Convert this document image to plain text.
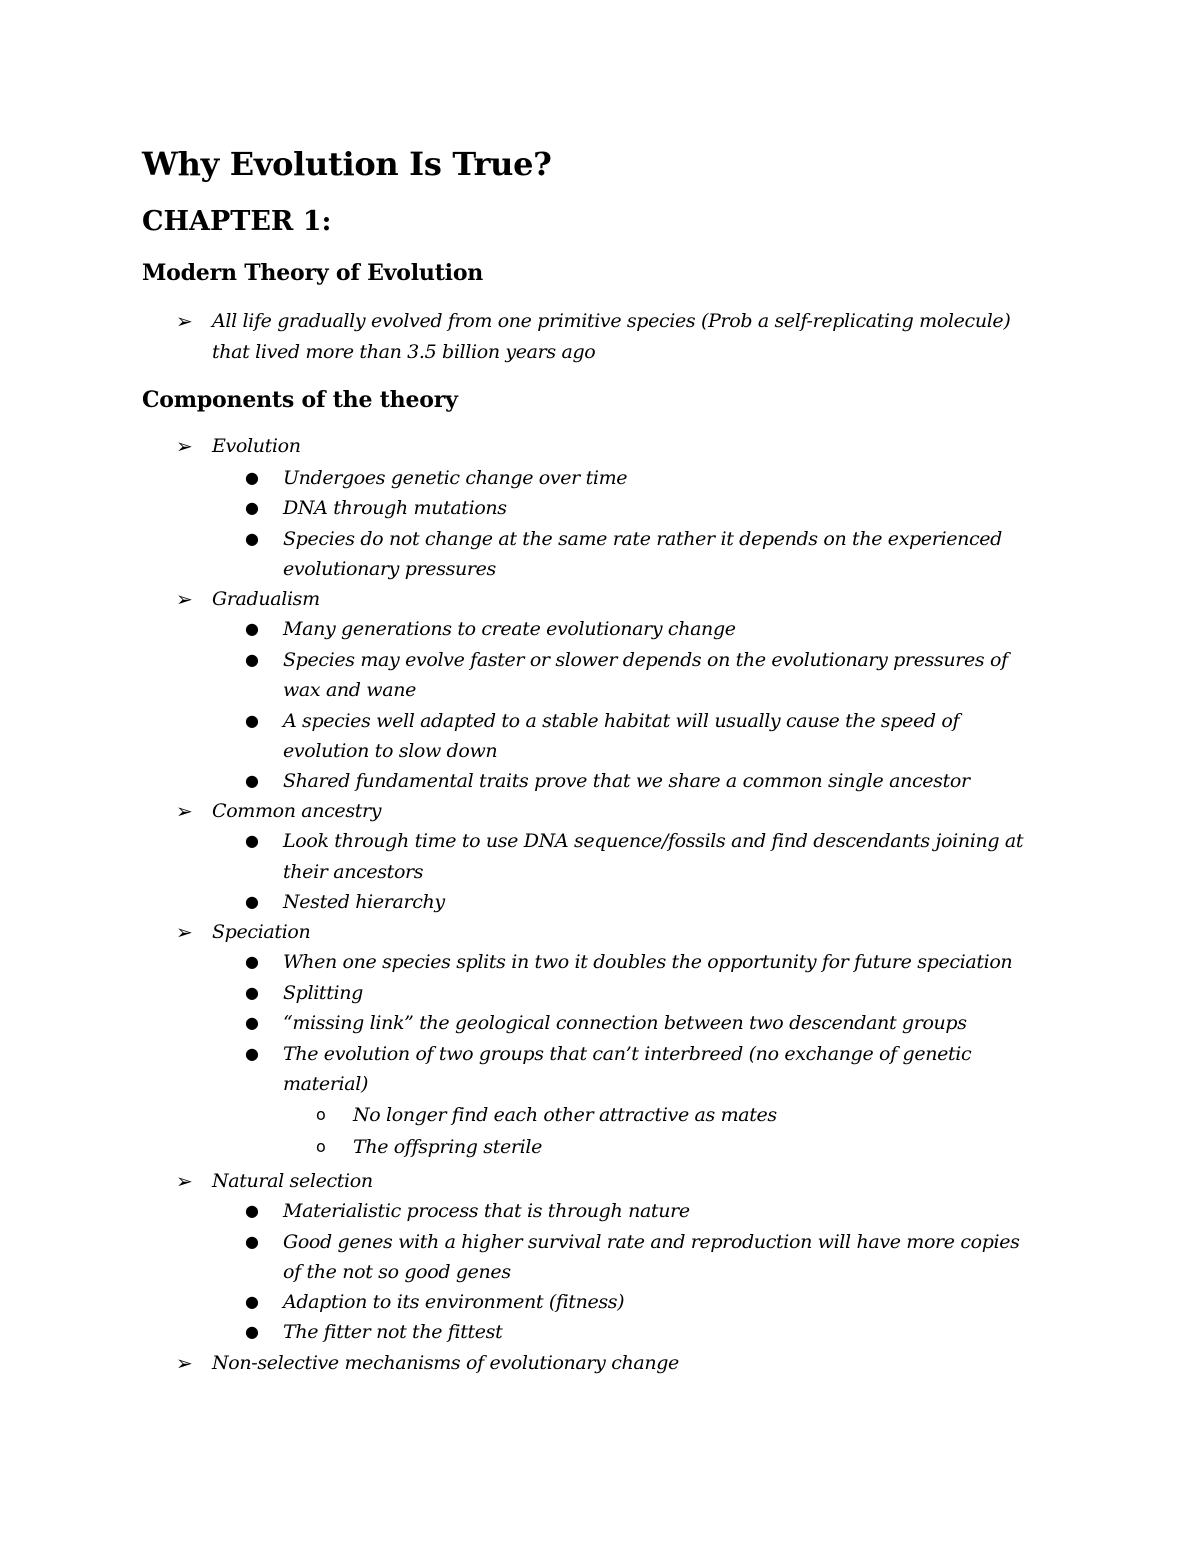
Why Evolution Is True?
CHAPTER 1:
Modern Theory of Evolution
➢ All life gradually evolved from one primitive species (Prob a self-replicating molecule)
that lived more than 3.5 billion years ago
Components of the theory
➢ Evolution
● Undergoes genetic change over time
● DNA through mutations
● Species do not change at the same rate rather it depends on the experienced
evolutionary pressures
➢ Gradualism
● Many generations to create evolutionary change
● Species may evolve faster or slower depends on the evolutionary pressures of
wax and wane
● A species well adapted to a stable habitat will usually cause the speed of
evolution to slow down
● Shared fundamental traits prove that we share a common single ancestor
➢ Common ancestry
● Look through time to use DNA sequence/fossils and find descendants joining at
their ancestors
● Nested hierarchy
➢ Speciation
● When one species splits in two it doubles the opportunity for future speciation
● Splitting
● “missing link” the geological connection between two descendant groups
● The evolution of two groups that can’t interbreed (no exchange of genetic
material)
o No longer find each other attractive as mates
o The offspring sterile
➢ Natural selection
● Materialistic process that is through nature
● Good genes with a higher survival rate and reproduction will have more copies
of the not so good genes
● Adaption to its environment (fitness)
● The fitter not the fittest
➢ Non-selective mechanisms of evolutionary change
